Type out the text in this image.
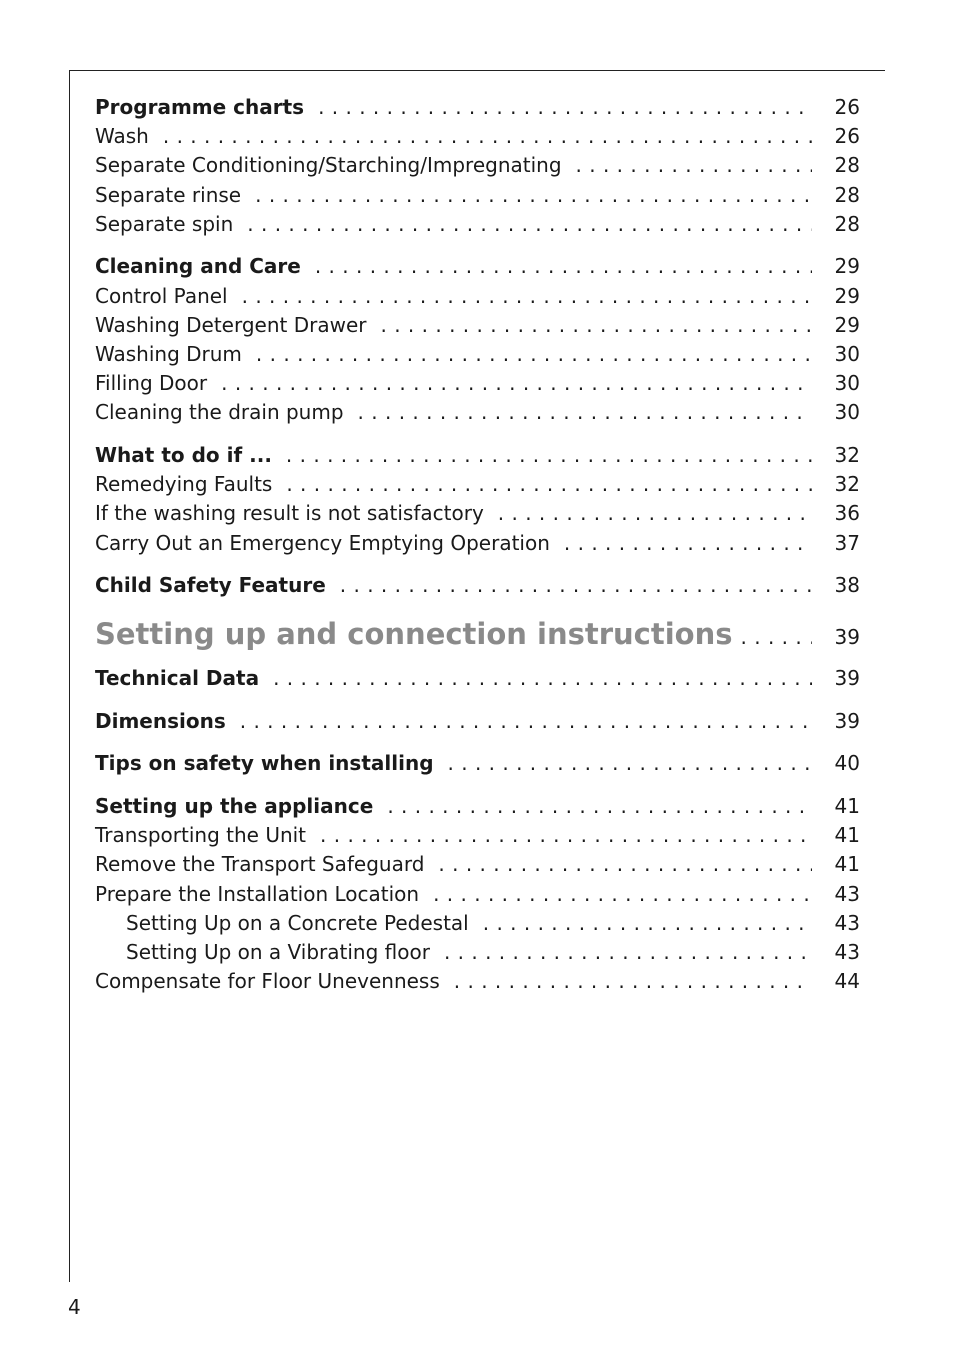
Programme charts . . .	26
Wash . . .	26
Separate Conditioning/Starching/Impregnating . . .	28
Separate rinse . . .	28
Separate spin . . .	28
Cleaning and Care . . .	29
Control Panel . . .	29
Washing Detergent Drawer . . .	29
Washing Drum . . .	30
Filling Door . . .	30
Cleaning the drain pump . . .	30
What to do if ... . . .	32
Remedying Faults . . .	32
If the washing result is not satisfactory . . .	36
Carry Out an Emergency Emptying Operation . . .	37
Child Safety Feature . . .	38
Setting up and connection instructions . . .	39
Technical Data . . .	39
Dimensions . . .	39
Tips on safety when installing . . .	40
Setting up the appliance . . .	41
Transporting the Unit . . .	41
Remove the Transport Safeguard . . .	41
Prepare the Installation Location . . .	43
Setting Up on a Concrete Pedestal . . .	43
Setting Up on a Vibrating floor . . .	43
Compensate for Floor Unevenness . . .	44
4
